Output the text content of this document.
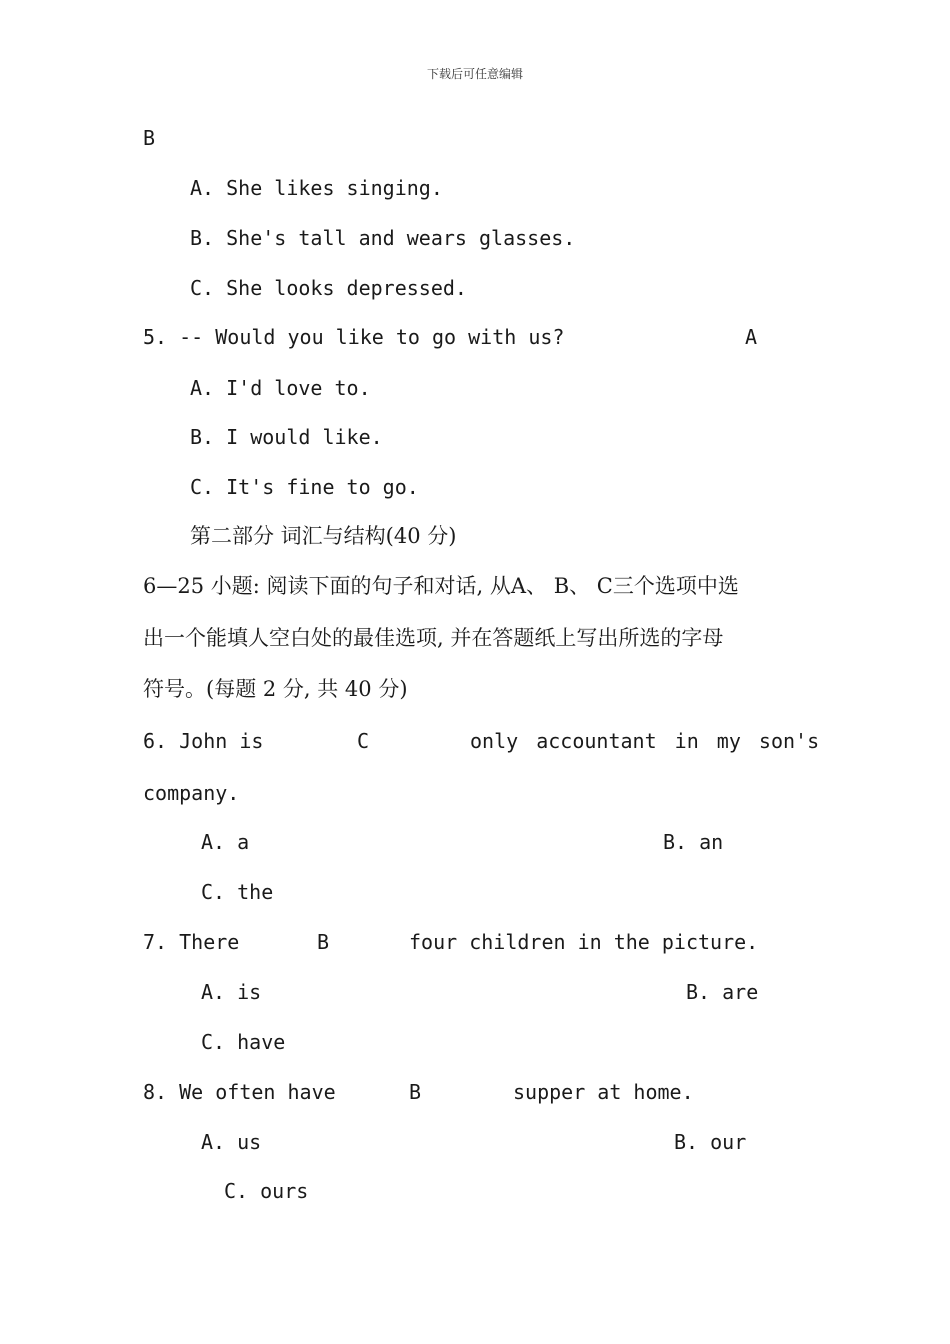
下载后可任意编辑
B
A. She likes singing.
B. She's tall and wears glasses.
C. She looks depressed.
5. -- Would you like to go with us?	A
A. I'd love to.
B. I would like.
C. It's fine to go.
第二部分 词汇与结构(40 分)
6—25 小题: 阅读下面的句子和对话, 从A、 B、 C三个选项中选
出一个能填人空白处的最佳选项, 并在答题纸上写出所选的字母
符号。(每题 2 分, 共 40 分)
6. John is	C	only accountant in my son's
company.
A. a	B. an
C. the
7. There	B	four children in the picture.
A. is	B. are
C. have
8. We often have	B	supper at home.
A. us	B. our
C. ours
